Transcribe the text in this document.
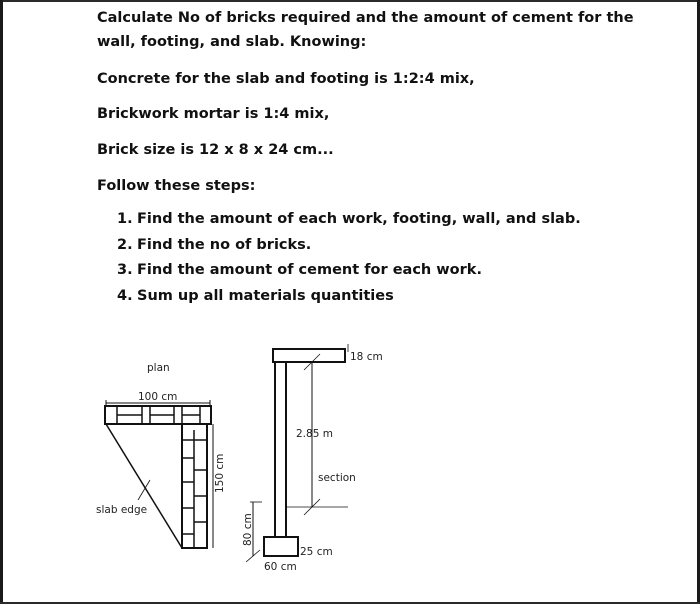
Calculate No of bricks required and the amount of cement for the wall, footing, and slab. Knowing:

Concrete for the slab and footing is 1:2:4 mix,

Brickwork mortar is 1:4 mix,

Brick size is 12 x 8 x 24 cm...

Follow these steps:

1. Find the amount of each work, footing, wall, and slab.
2. Find the no of bricks.
3. Find the amount of cement for each work.
4. Sum up all materials quantities
plan
100 cm
slab edge
150 cm
18 cm
25 cm
60 cm
2.85 m
section
80 cm
